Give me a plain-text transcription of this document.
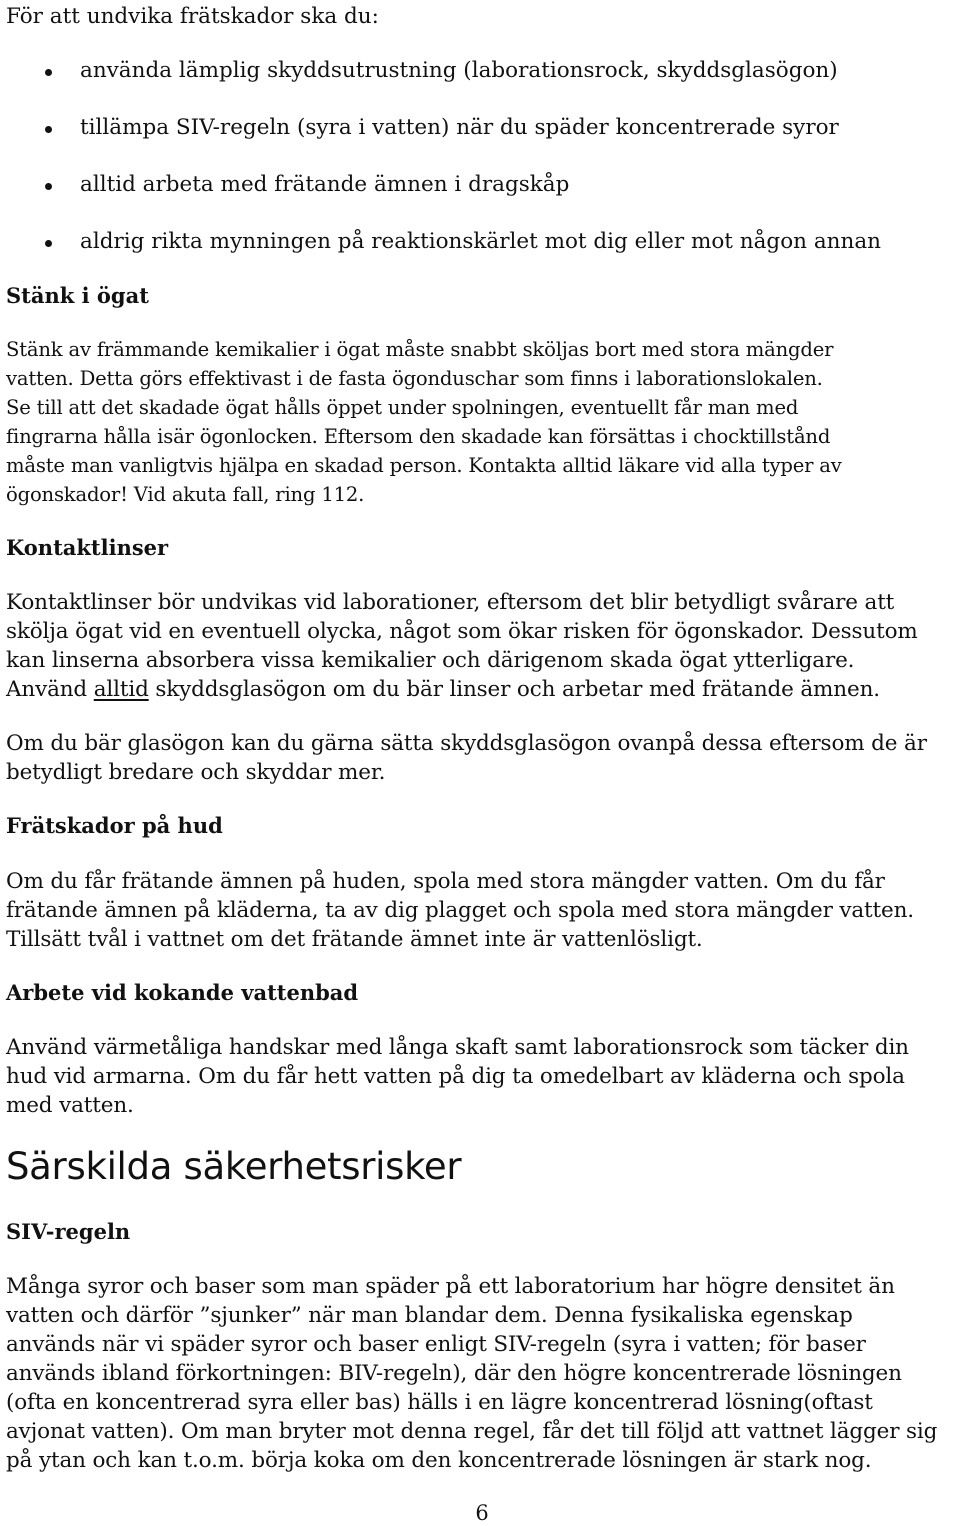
För att undvika frätskador ska du:
använda lämplig skyddsutrustning (laborationsrock, skyddsglasögon)
tillämpa SIV-regeln (syra i vatten) när du späder koncentrerade syror
alltid arbeta med frätande ämnen i dragskåp
aldrig rikta mynningen på reaktionskärlet mot dig eller mot någon annan
Stänk i ögat
Stänk av främmande kemikalier i ögat måste snabbt sköljas bort med stora mängder
vatten. Detta görs effektivast i de fasta ögonduschar som finns i laborationslokalen.
Se till att det skadade ögat hålls öppet under spolningen, eventuellt får man med
fingrarna hålla isär ögonlocken. Eftersom den skadade kan försättas i chocktillstånd
måste man vanligtvis hjälpa en skadad person. Kontakta alltid läkare vid alla typer av
ögonskador! Vid akuta fall, ring 112.
Kontaktlinser
Kontaktlinser bör undvikas vid laborationer, eftersom det blir betydligt svårare att
skölja ögat vid en eventuell olycka, något som ökar risken för ögonskador. Dessutom
kan linserna absorbera vissa kemikalier och därigenom skada ögat ytterligare.
Använd alltid skyddsglasögon om du bär linser och arbetar med frätande ämnen.
Om du bär glasögon kan du gärna sätta skyddsglasögon ovanpå dessa eftersom de är
betydligt bredare och skyddar mer.
Frätskador på hud
Om du får frätande ämnen på huden, spola med stora mängder vatten. Om du får
frätande ämnen på kläderna, ta av dig plagget och spola med stora mängder vatten.
Tillsätt tvål i vattnet om det frätande ämnet inte är vattenlösligt.
Arbete vid kokande vattenbad
Använd värmetåliga handskar med långa skaft samt laborationsrock som täcker din
hud vid armarna. Om du får hett vatten på dig ta omedelbart av kläderna och spola
med vatten.
Särskilda säkerhetsrisker
SIV-regeln
Många syror och baser som man späder på ett laboratorium har högre densitet än
vatten och därför ”sjunker” när man blandar dem. Denna fysikaliska egenskap
används när vi späder syror och baser enligt SIV-regeln (syra i vatten; för baser
används ibland förkortningen: BIV-regeln), där den högre koncentrerade lösningen
(ofta en koncentrerad syra eller bas) hälls i en lägre koncentrerad lösning(oftast
avjonat vatten). Om man bryter mot denna regel, får det till följd att vattnet lägger sig
på ytan och kan t.o.m. börja koka om den koncentrerade lösningen är stark nog.
6
